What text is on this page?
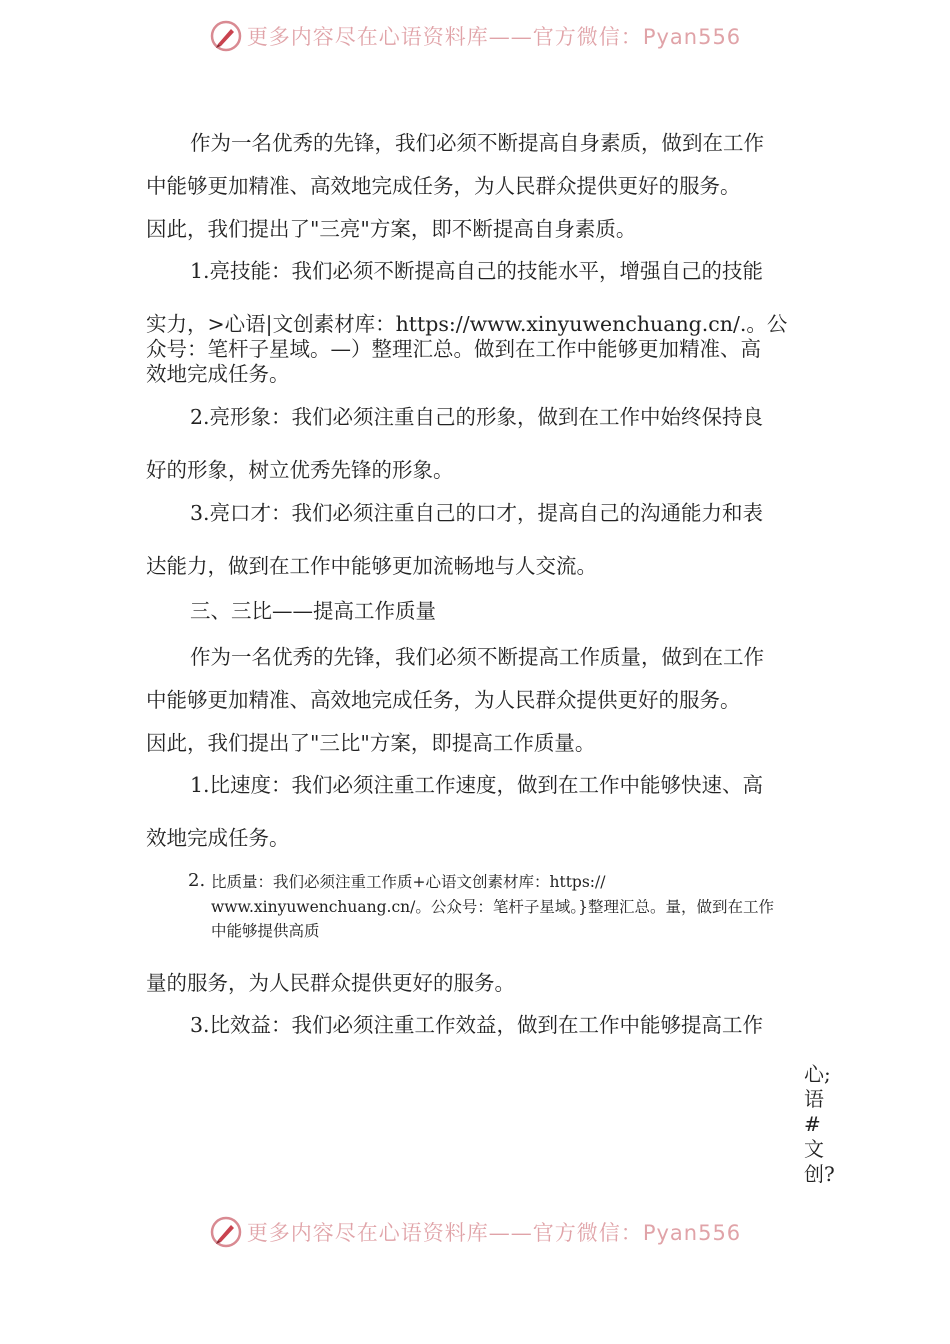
更多内容尽在心语资料库——官方微信：Pyan556
作为一名优秀的先锋，我们必须不断提高自身素质，做到在工作
中能够更加精准、高效地完成任务，为人民群众提供更好的服务。
因此，我们提出了"三亮"方案，即不断提高自身素质。
1.亮技能：我们必须不断提高自己的技能水平，增强自己的技能
实力，>心语|文创素材库：https://www.xinyuwenchuang.cn/.。公
众号：笔杆子星域。—）整理汇总。做到在工作中能够更加精准、高
效地完成任务。
2.亮形象：我们必须注重自己的形象，做到在工作中始终保持良
好的形象，树立优秀先锋的形象。
3.亮口才：我们必须注重自己的口才，提高自己的沟通能力和表
达能力，做到在工作中能够更加流畅地与人交流。
三、三比——提高工作质量
作为一名优秀的先锋，我们必须不断提高工作质量，做到在工作
中能够更加精准、高效地完成任务，为人民群众提供更好的服务。
因此，我们提出了"三比"方案，即提高工作质量。
1.比速度：我们必须注重工作速度，做到在工作中能够快速、高
效地完成任务。
2. 比质量：我们必须注重工作质+心语文创素材库：https://
www.xinyuwenchuang.cn/。公众号：笔杆子星域。}整理汇总。量，做到在工作
中能够提供高质
量的服务，为人民群众提供更好的服务。
3.比效益：我们必须注重工作效益，做到在工作中能够提高工作
心;
语
#
文
创?
更多内容尽在心语资料库——官方微信：Pyan556
